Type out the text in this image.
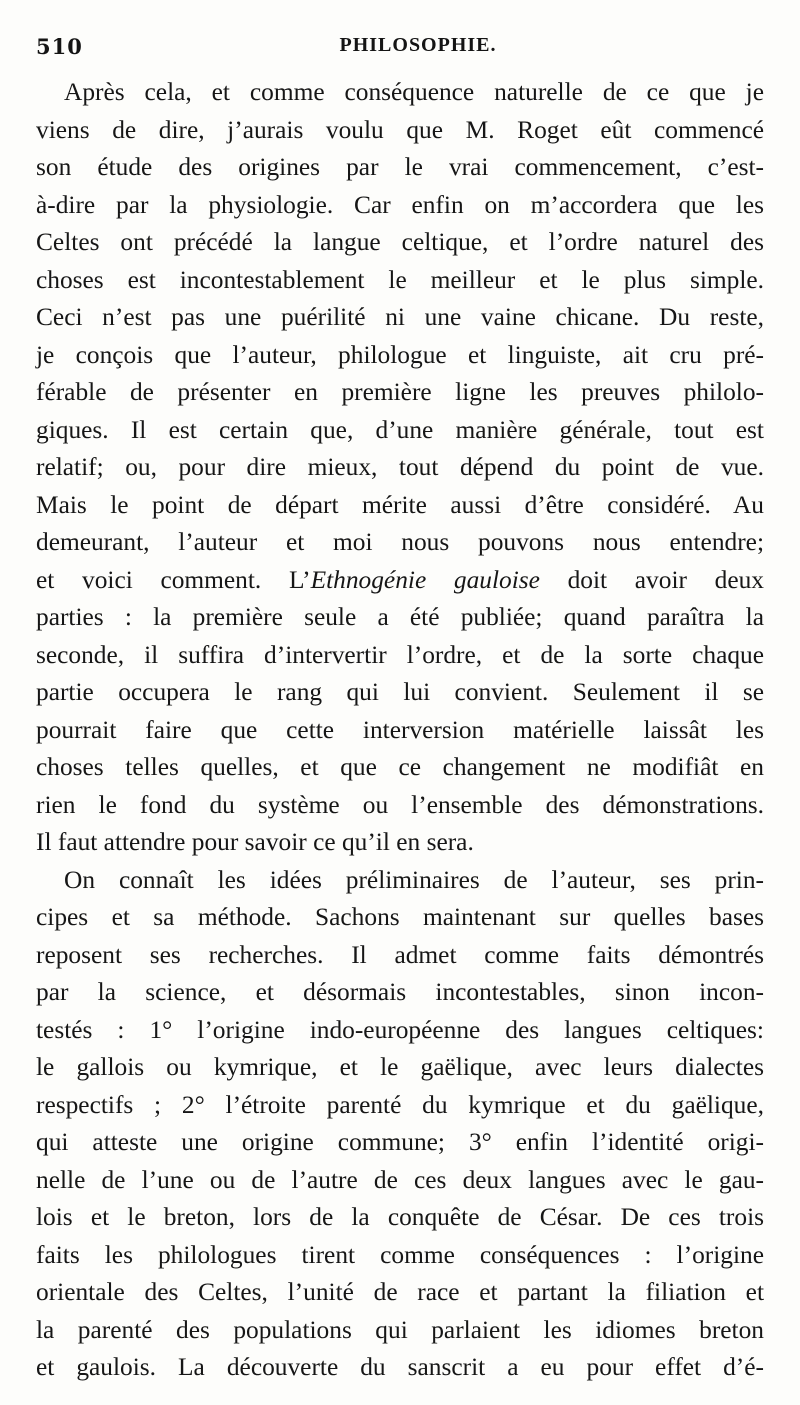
510	PHILOSOPHIE.
Après cela, et comme conséquence naturelle de ce que je
viens de dire, j’aurais voulu que M. Roget eût commencé
son étude des origines par le vrai commencement, c’est-
à-dire par la physiologie. Car enfin on m’accordera que les
Celtes ont précédé la langue celtique, et l’ordre naturel des
choses est incontestablement le meilleur et le plus simple.
Ceci n’est pas une puérilité ni une vaine chicane. Du reste,
je conçois que l’auteur, philologue et linguiste, ait cru pré-
férable de présenter en première ligne les preuves philolo-
giques. Il est certain que, d’une manière générale, tout est
relatif; ou, pour dire mieux, tout dépend du point de vue.
Mais le point de départ mérite aussi d’être considéré. Au
demeurant, l’auteur et moi nous pouvons nous entendre;
et voici comment. L’Ethnogénie gauloise doit avoir deux
parties : la première seule a été publiée; quand paraîtra la
seconde, il suffira d’intervertir l’ordre, et de la sorte chaque
partie occupera le rang qui lui convient. Seulement il se
pourrait faire que cette interversion matérielle laissât les
choses telles quelles, et que ce changement ne modifiât en
rien le fond du système ou l’ensemble des démonstrations.
Il faut attendre pour savoir ce qu’il en sera.
On connaît les idées préliminaires de l’auteur, ses prin-
cipes et sa méthode. Sachons maintenant sur quelles bases
reposent ses recherches. Il admet comme faits démontrés
par la science, et désormais incontestables, sinon incon-
testés : 1° l’origine indo-européenne des langues celtiques:
le gallois ou kymrique, et le gaëlique, avec leurs dialectes
respectifs ; 2° l’étroite parenté du kymrique et du gaëlique,
qui atteste une origine commune; 3° enfin l’identité origi-
nelle de l’une ou de l’autre de ces deux langues avec le gau-
lois et le breton, lors de la conquête de César. De ces trois
faits les philologues tirent comme conséquences : l’origine
orientale des Celtes, l’unité de race et partant la filiation et
la parenté des populations qui parlaient les idiomes breton
et gaulois. La découverte du sanscrit a eu pour effet d’é-
